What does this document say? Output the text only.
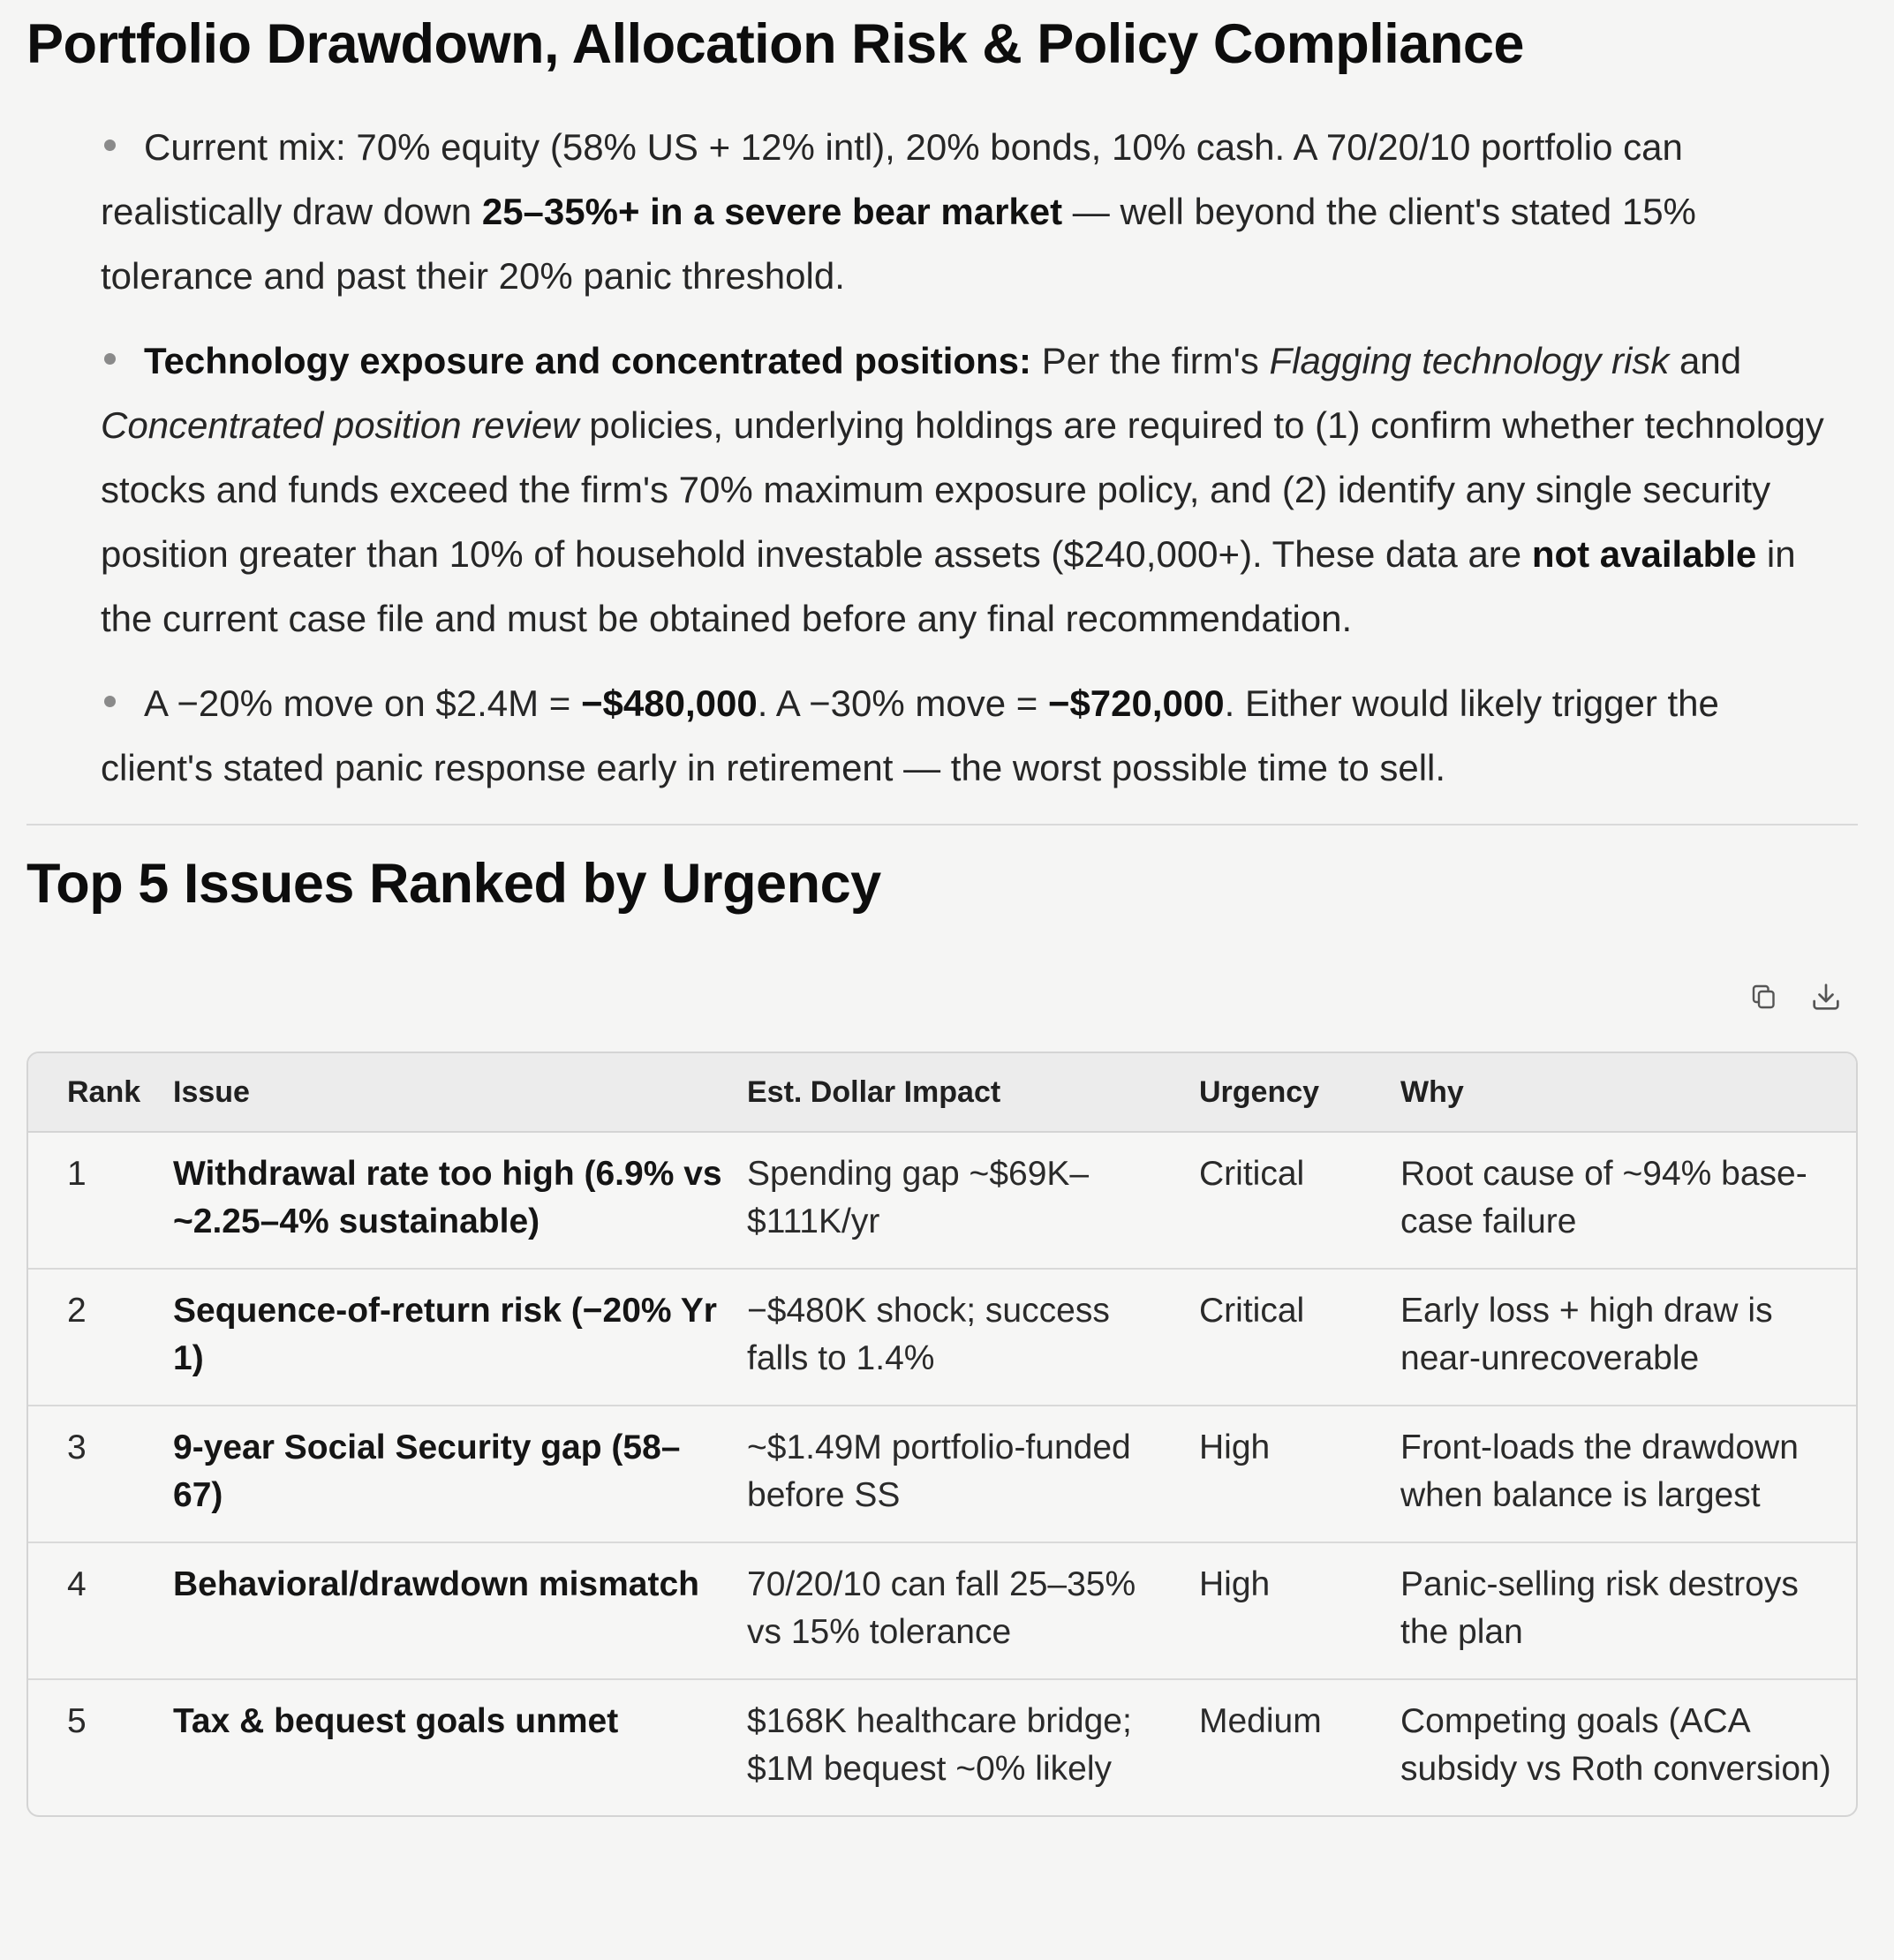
Portfolio Drawdown, Allocation Risk & Policy Compliance
Current mix: 70% equity (58% US + 12% intl), 20% bonds, 10% cash. A 70/20/10 portfolio can realistically draw down 25–35%+ in a severe bear market — well beyond the client's stated 15% tolerance and past their 20% panic threshold.
Technology exposure and concentrated positions: Per the firm's Flagging technology risk and Concentrated position review policies, underlying holdings are required to (1) confirm whether technology stocks and funds exceed the firm's 70% maximum exposure policy, and (2) identify any single security position greater than 10% of household investable assets ($240,000+). These data are not available in the current case file and must be obtained before any final recommendation.
A −20% move on $2.4M = −$480,000. A −30% move = −$720,000. Either would likely trigger the client's stated panic response early in retirement — the worst possible time to sell.
Top 5 Issues Ranked by Urgency
Rank	Issue	Est. Dollar Impact	Urgency	Why
1	Withdrawal rate too high (6.9% vs ~2.25–4% sustainable)	Spending gap ~$69K–$111K/yr	Critical	Root cause of ~94% base-case failure
2	Sequence-of-return risk (−20% Yr 1)	−$480K shock; success falls to 1.4%	Critical	Early loss + high draw is near-unrecoverable
3	9-year Social Security gap (58–67)	~$1.49M portfolio-funded before SS	High	Front-loads the drawdown when balance is largest
4	Behavioral/drawdown mismatch	70/20/10 can fall 25–35% vs 15% tolerance	High	Panic-selling risk destroys the plan
5	Tax & bequest goals unmet	$168K healthcare bridge; $1M bequest ~0% likely	Medium	Competing goals (ACA subsidy vs Roth conversion)
